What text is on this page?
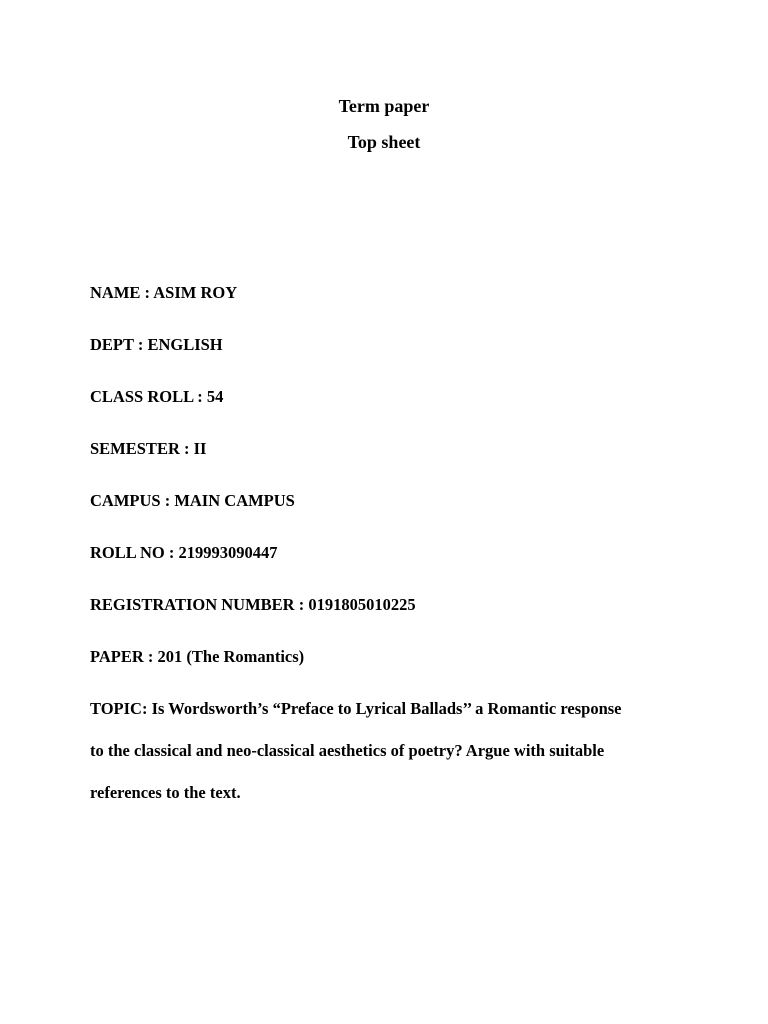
Term paper
Top sheet
NAME : ASIM ROY
DEPT : ENGLISH
CLASS ROLL : 54
SEMESTER : II
CAMPUS : MAIN CAMPUS
ROLL NO : 219993090447
REGISTRATION NUMBER : 0191805010225
PAPER : 201 (The Romantics)
TOPIC: Is Wordsworth’s “Preface to Lyrical Ballads’’ a Romantic response
to the classical and neo-classical aesthetics of poetry? Argue with suitable
references to the text.
